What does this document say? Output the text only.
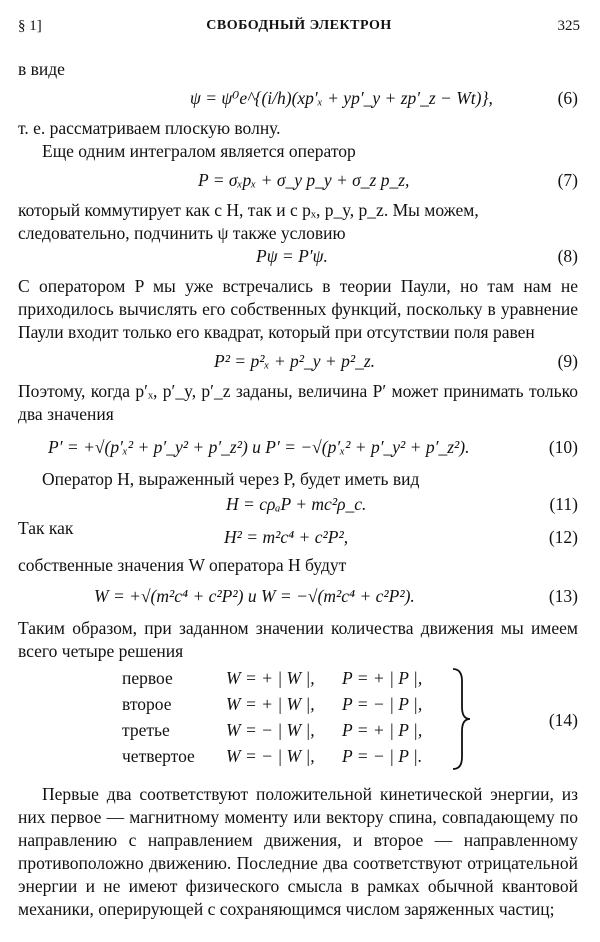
§ 1]	СВОБОДНЫЙ ЭЛЕКТРОН	325

в виде

ψ = ψ⁰e^{(i/h)(xp′ₓ + yp′_y + zp′_z − Wt)},	(6)

т. е. рассматриваем плоскую волну.

Еще одним интегралом является оператор

P = σₓpₓ + σ_y p_y + σ_z p_z,	(7)

который коммутирует как с H, так и с pₓ, p_y, p_z. Мы можем,

следовательно, подчинить ψ также условию

Pψ = P′ψ.	(8)

С оператором P мы уже встречались в теории Паули, но там нам не приходилось вычислять его собственных функций, поскольку в уравнение Паули входит только его квадрат, который при отсутствии поля равен

P² = p²ₓ + p²_y + p²_z.	(9)

Поэтому, когда p′ₓ, p′_y, p′_z заданы, величина P′ может принимать только два значения

P′ = +√(p′ₓ² + p′_y² + p′_z²) и P′ = −√(p′ₓ² + p′_y² + p′_z²).	(10)

Оператор H, выраженный через P, будет иметь вид

H = cρₐP + mc²ρ_c.	(11)

Так как	H² = m²c⁴ + c²P²,	(12)

собственные значения W оператора H будут

W = +√(m²c⁴ + c²P²) и W = −√(m²c⁴ + c²P²).	(13)

Таким образом, при заданном значении количества движения мы имеем всего четыре решения

первое	W = + | W |, P = + | P |,
второе	W = + | W |, P = − | P |,
третье	W = − | W |, P = + | P |,
четвертое W = − | W |, P = − | P |.
(14)

Первые два соответствуют положительной кинетической энергии, из них первое — магнитному моменту или вектору спина, совпадающему по направлению с направлением движения, и второе — направленному противоположно движению. Последние два соответствуют отрицательной энергии и не имеют физического смысла в рамках обычной квантовой механики, оперирующей с сохраняющимся числом заряженных частиц;
